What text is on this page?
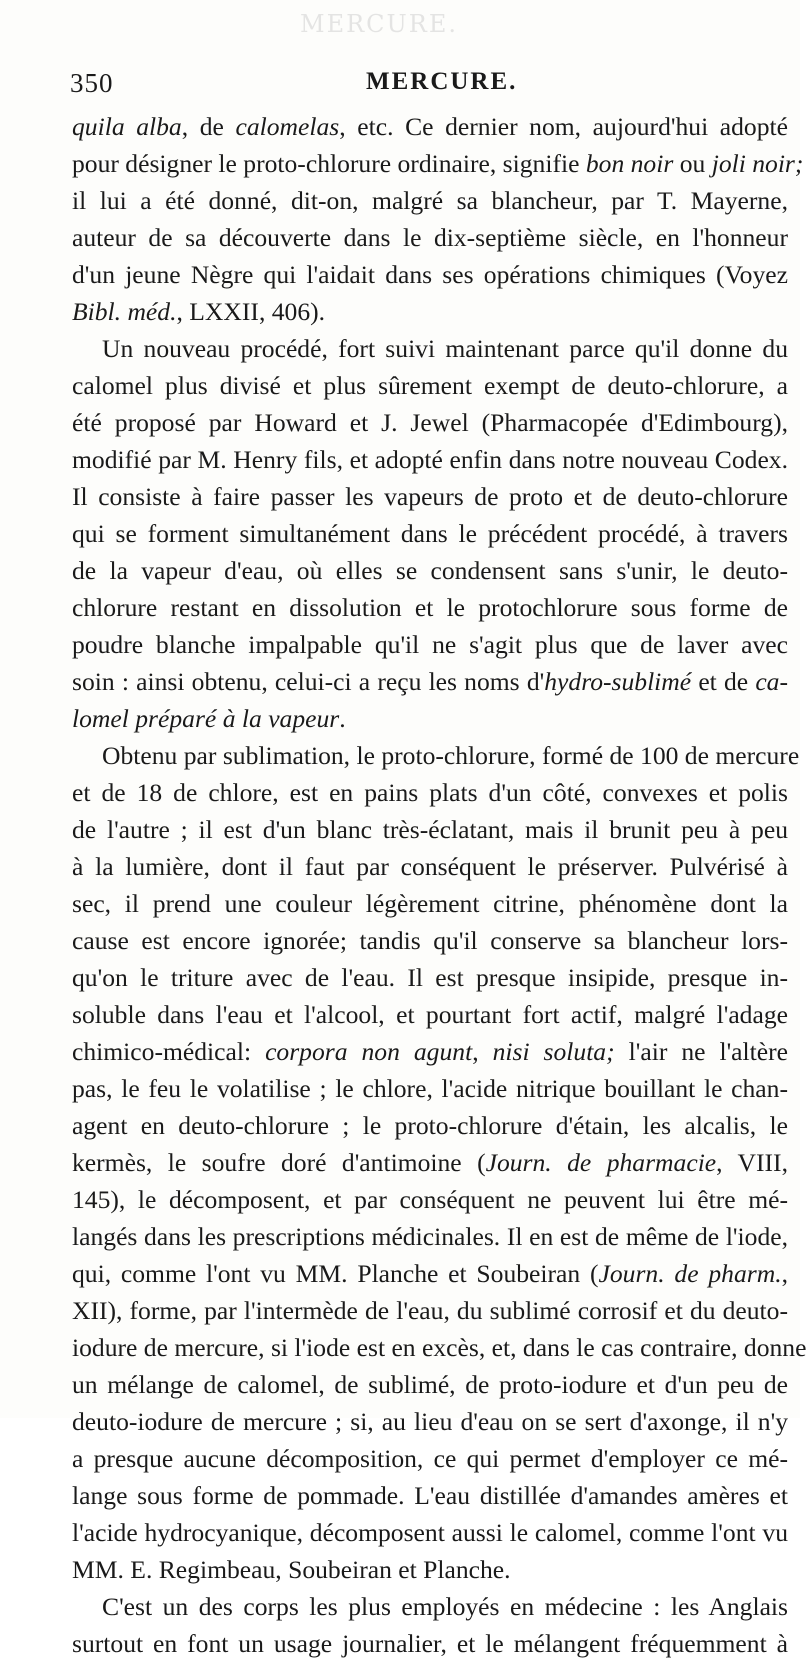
MERCURE.
350	MERCURE.
quila alba, de calomelas, etc. Ce dernier nom, aujourd'hui adopté
pour désigner le proto-chlorure ordinaire, signifie bon noir ou joli noir;
il lui a été donné, dit-on, malgré sa blancheur, par T. Mayerne,
auteur de sa découverte dans le dix-septième siècle, en l'honneur
d'un jeune Nègre qui l'aidait dans ses opérations chimiques (Voyez
Bibl. méd., LXXII, 406).
Un nouveau procédé, fort suivi maintenant parce qu'il donne du
calomel plus divisé et plus sûrement exempt de deuto-chlorure, a
été proposé par Howard et J. Jewel (Pharmacopée d'Edimbourg),
modifié par M. Henry fils, et adopté enfin dans notre nouveau Codex.
Il consiste à faire passer les vapeurs de proto et de deuto-chlorure
qui se forment simultanément dans le précédent procédé, à travers
de la vapeur d'eau, où elles se condensent sans s'unir, le deuto-
chlorure restant en dissolution et le protochlorure sous forme de
poudre blanche impalpable qu'il ne s'agit plus que de laver avec
soin : ainsi obtenu, celui-ci a reçu les noms d'hydro-sublimé et de ca-
lomel préparé à la vapeur.
Obtenu par sublimation, le proto-chlorure, formé de 100 de mercure
et de 18 de chlore, est en pains plats d'un côté, convexes et polis
de l'autre ; il est d'un blanc très-éclatant, mais il brunit peu à peu
à la lumière, dont il faut par conséquent le préserver. Pulvérisé à
sec, il prend une couleur légèrement citrine, phénomène dont la
cause est encore ignorée; tandis qu'il conserve sa blancheur lors-
qu'on le triture avec de l'eau. Il est presque insipide, presque in-
soluble dans l'eau et l'alcool, et pourtant fort actif, malgré l'adage
chimico-médical: corpora non agunt, nisi soluta; l'air ne l'altère
pas, le feu le volatilise ; le chlore, l'acide nitrique bouillant le chan-
agent en deuto-chlorure ; le proto-chlorure d'étain, les alcalis, le
kermès, le soufre doré d'antimoine (Journ. de pharmacie, VIII,
145), le décomposent, et par conséquent ne peuvent lui être mé-
langés dans les prescriptions médicinales. Il en est de même de l'iode,
qui, comme l'ont vu MM. Planche et Soubeiran (Journ. de pharm.,
XII), forme, par l'intermède de l'eau, du sublimé corrosif et du deuto-
iodure de mercure, si l'iode est en excès, et, dans le cas contraire, donne
un mélange de calomel, de sublimé, de proto-iodure et d'un peu de
deuto-iodure de mercure ; si, au lieu d'eau on se sert d'axonge, il n'y
a presque aucune décomposition, ce qui permet d'employer ce mé-
lange sous forme de pommade. L'eau distillée d'amandes amères et
l'acide hydrocyanique, décomposent aussi le calomel, comme l'ont vu
MM. E. Regimbeau, Soubeiran et Planche.
C'est un des corps les plus employés en médecine : les Anglais
surtout en font un usage journalier, et le mélangent fréquemment à
